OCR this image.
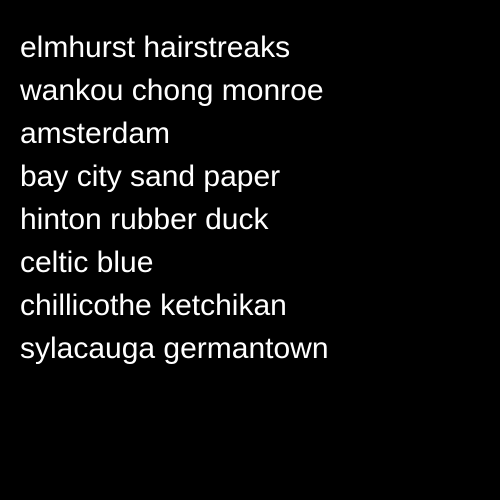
elmhurst hairstreaks
wankou chong monroe
amsterdam
bay city sand paper
hinton rubber duck
celtic blue
chillicothe ketchikan
sylacauga germantown
